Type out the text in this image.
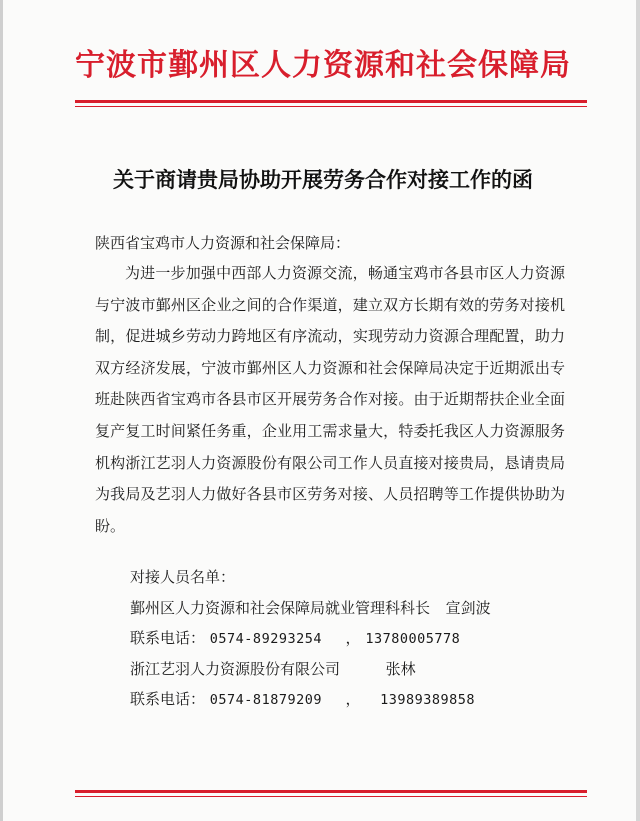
宁波市鄞州区人力资源和社会保障局
关于商请贵局协助开展劳务合作对接工作的函
陕西省宝鸡市人力资源和社会保障局：
为进一步加强中西部人力资源交流，畅通宝鸡市各县市区人力资源与宁波市鄞州区企业之间的合作渠道，建立双方长期有效的劳务对接机制，促进城乡劳动力跨地区有序流动，实现劳动力资源合理配置，助力双方经济发展，宁波市鄞州区人力资源和社会保障局决定于近期派出专班赴陕西省宝鸡市各县市区开展劳务合作对接。由于近期帮扶企业全面复产复工时间紧任务重，企业用工需求量大，特委托我区人力资源服务机构浙江艺羽人力资源股份有限公司工作人员直接对接贵局，恳请贵局为我局及艺羽人力做好各县市区劳务对接、人员招聘等工作提供协助为盼。
对接人员名单：
鄞州区人力资源和社会保障局就业管理科科长 宣剑波
联系电话： 0574-89293254 ， 13780005778
浙江艺羽人力资源股份有限公司	张林
联系电话： 0574-81879209 ， 13989389858
